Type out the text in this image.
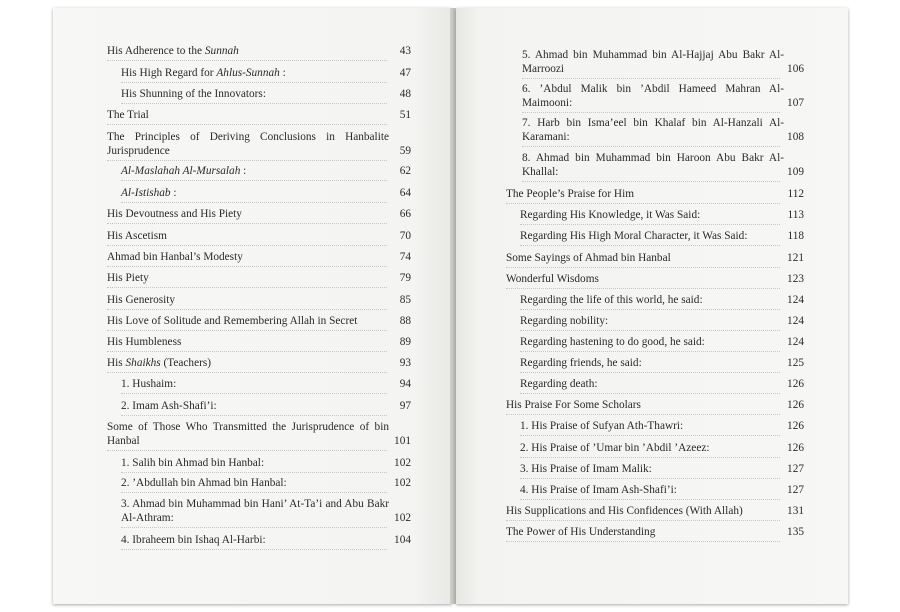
His Adherence to the Sunnah	43
His High Regard for Ahlus-Sunnah :	47
His Shunning of the Innovators:	48
The Trial	51
The Principles of Deriving Conclusions in Hanbalite Jurisprudence	59
Al-Maslahah Al-Mursalah :	62
Al-Istishab :	64
His Devoutness and His Piety	66
His Ascetism	70
Ahmad bin Hanbal’s Modesty	74
His Piety	79
His Generosity	85
His Love of Solitude and Remembering Allah in Secret	88
His Humbleness	89
His Shaikhs (Teachers)	93
1. Hushaim:	94
2. Imam Ash-Shafi’i:	97
Some of Those Who Transmitted the Jurisprudence of bin Hanbal	101
1. Salih bin Ahmad bin Hanbal:	102
2. ’Abdullah bin Ahmad bin Hanbal:	102
3. Ahmad bin Muhammad bin Hani’ At-Ta’i and Abu Bakr Al-Athram:	102
4. Ibraheem bin Ishaq Al-Harbi:	104
5. Ahmad bin Muhammad bin Al-Hajjaj Abu Bakr Al-Marroozi	106
6. ’Abdul Malik bin ’Abdil Hameed Mahran Al-Maimooni:	107
7. Harb bin Isma’eel bin Khalaf bin Al-Hanzali Al-Karamani:	108
8. Ahmad bin Muhammad bin Haroon Abu Bakr Al-Khallal:	109
The People’s Praise for Him	112
Regarding His Knowledge, it Was Said:	113
Regarding His High Moral Character, it Was Said:	118
Some Sayings of Ahmad bin Hanbal	121
Wonderful Wisdoms	123
Regarding the life of this world, he said:	124
Regarding nobility:	124
Regarding hastening to do good, he said:	124
Regarding friends, he said:	125
Regarding death:	126
His Praise For Some Scholars	126
1. His Praise of Sufyan Ath-Thawri:	126
2. His Praise of ’Umar bin ’Abdil ’Azeez:	126
3. His Praise of Imam Malik:	127
4. His Praise of Imam Ash-Shafi’i:	127
His Supplications and His Confidences (With Allah)	131
The Power of His Understanding	135
